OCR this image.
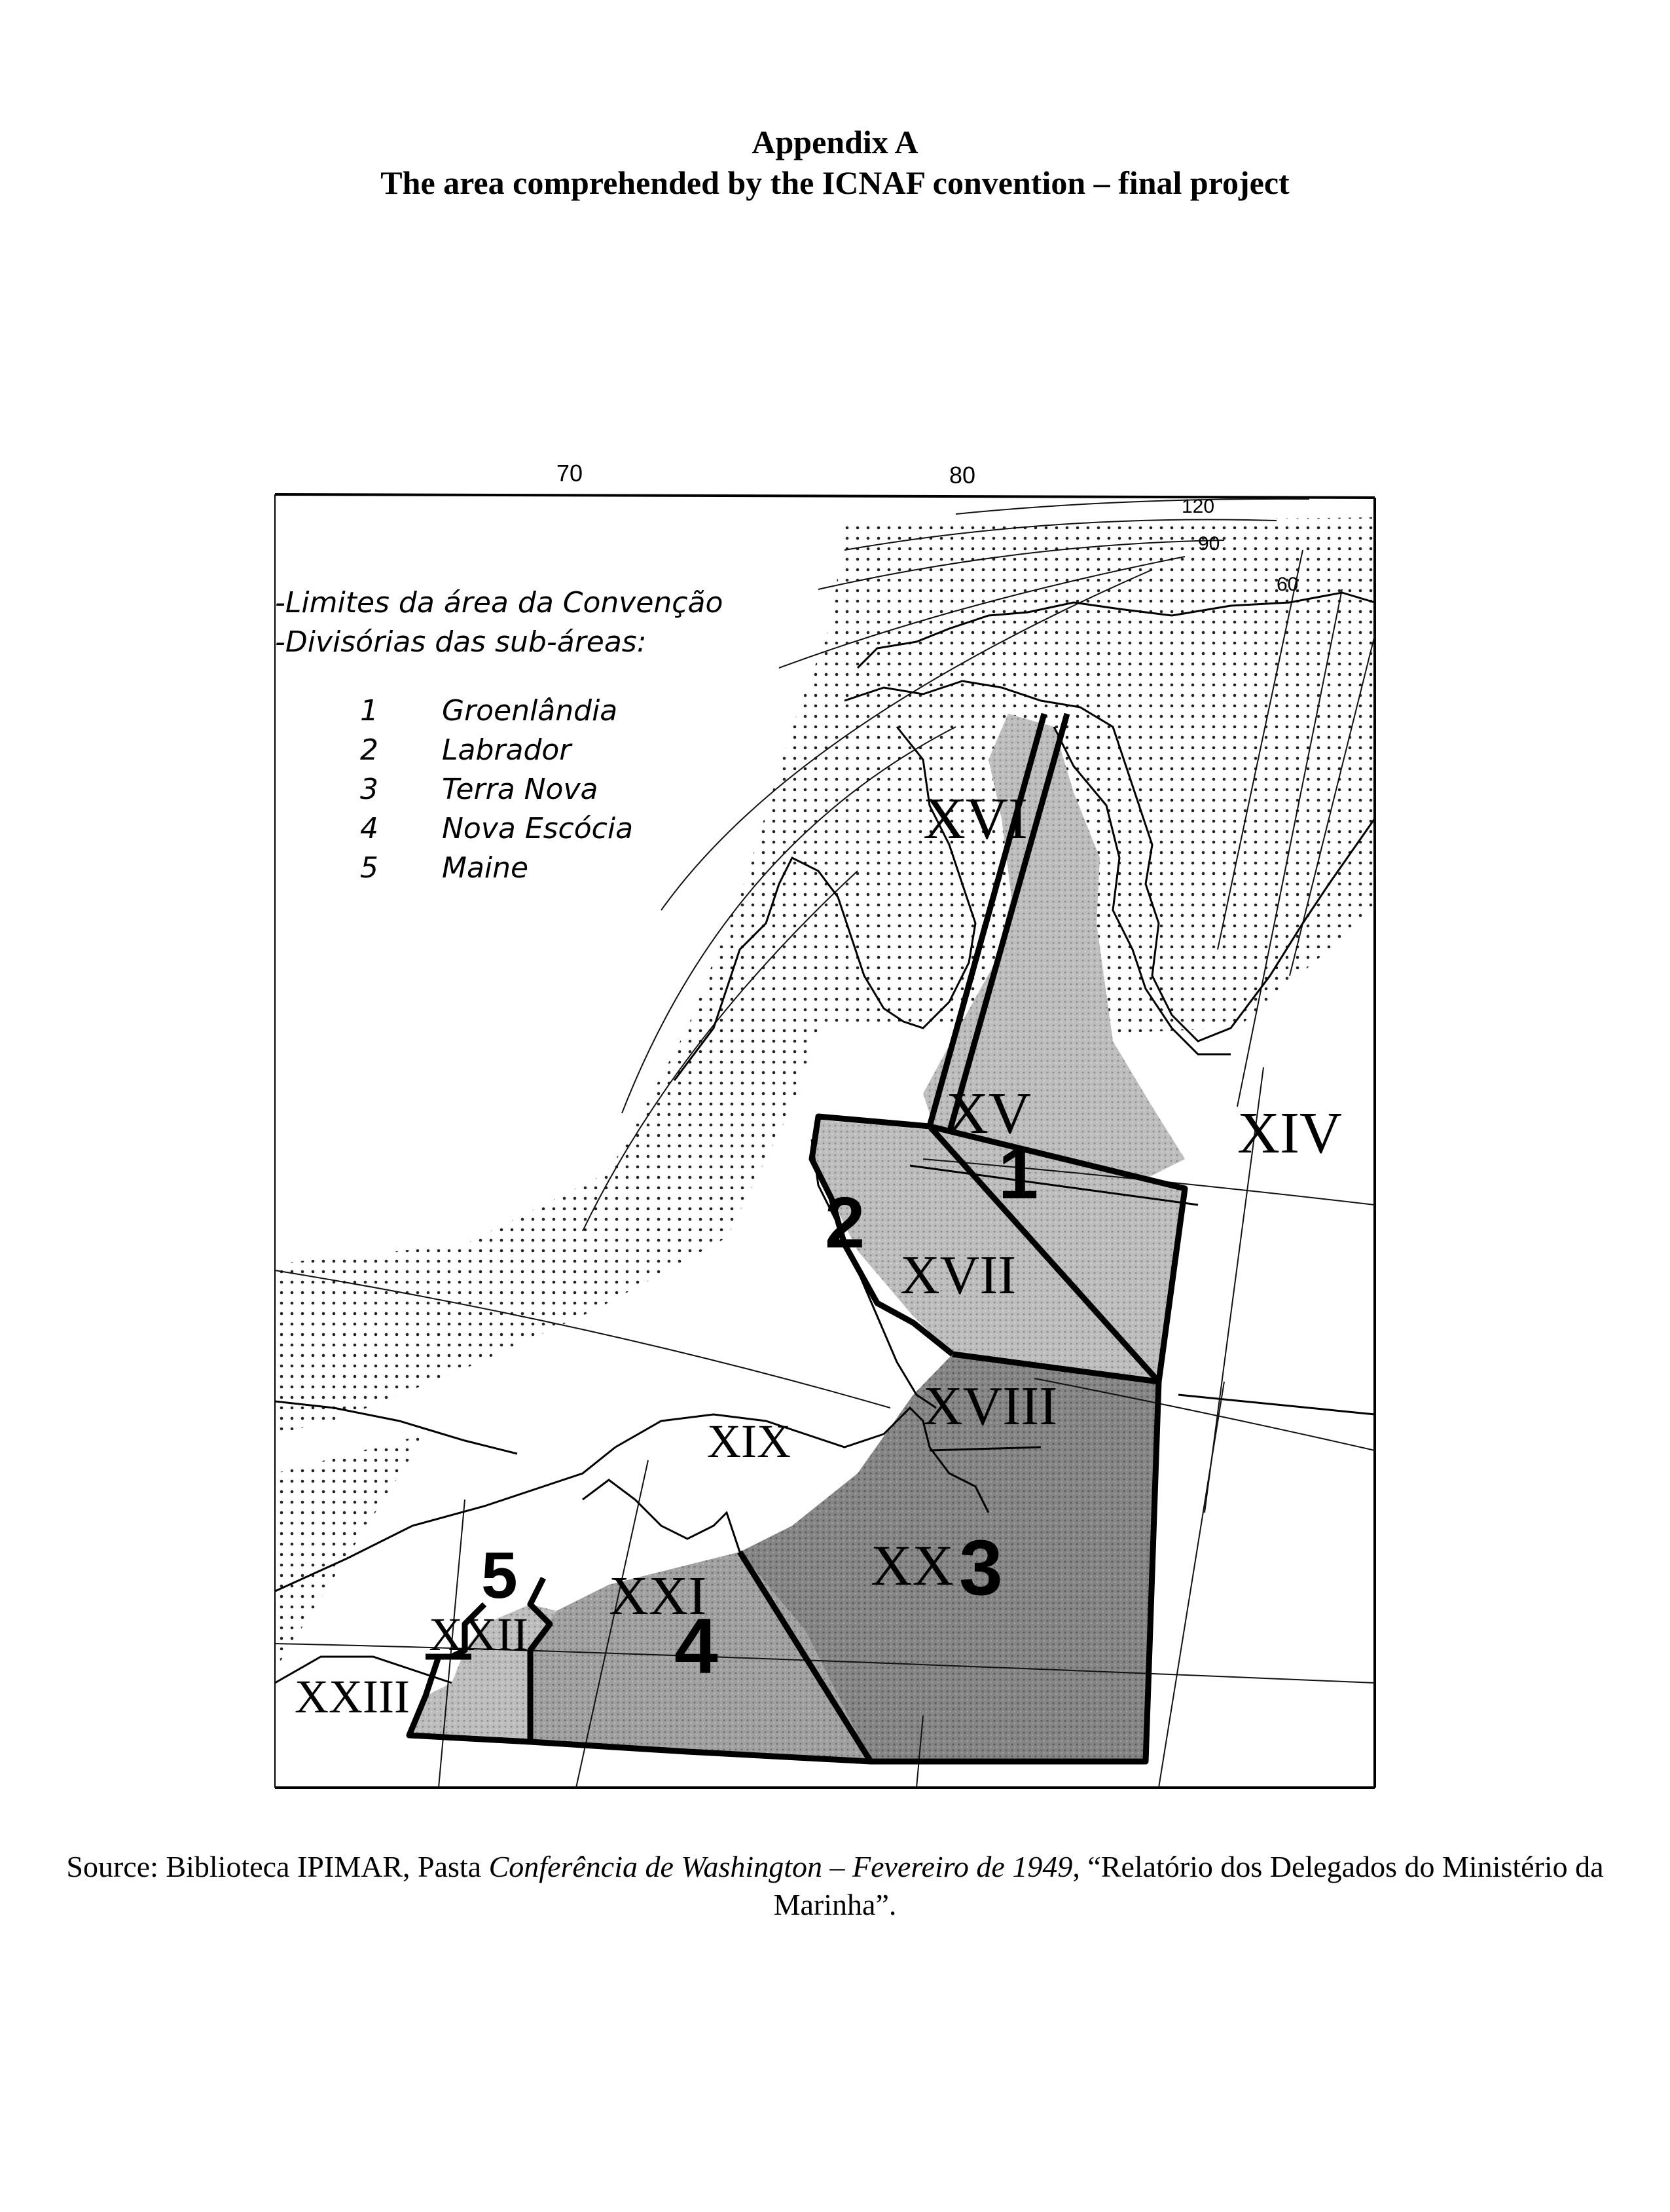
Appendix A
The area comprehended by the ICNAF convention – final project
70	80
120
90
60
-Limites da área da Convenção
-Divisórias das sub-áreas:
1 Groenlândia
2 Labrador
3 Terra Nova
4 Nova Escócia
5 Maine
XVI
XV	XIV
XVII
XVIII
XIX
XX
XXI
XXII
XXIII
1
2
3
4
5
Source: Biblioteca IPIMAR, Pasta Conferência de Washington – Fevereiro de 1949, “Relatório dos Delegados do Ministério da Marinha”.
